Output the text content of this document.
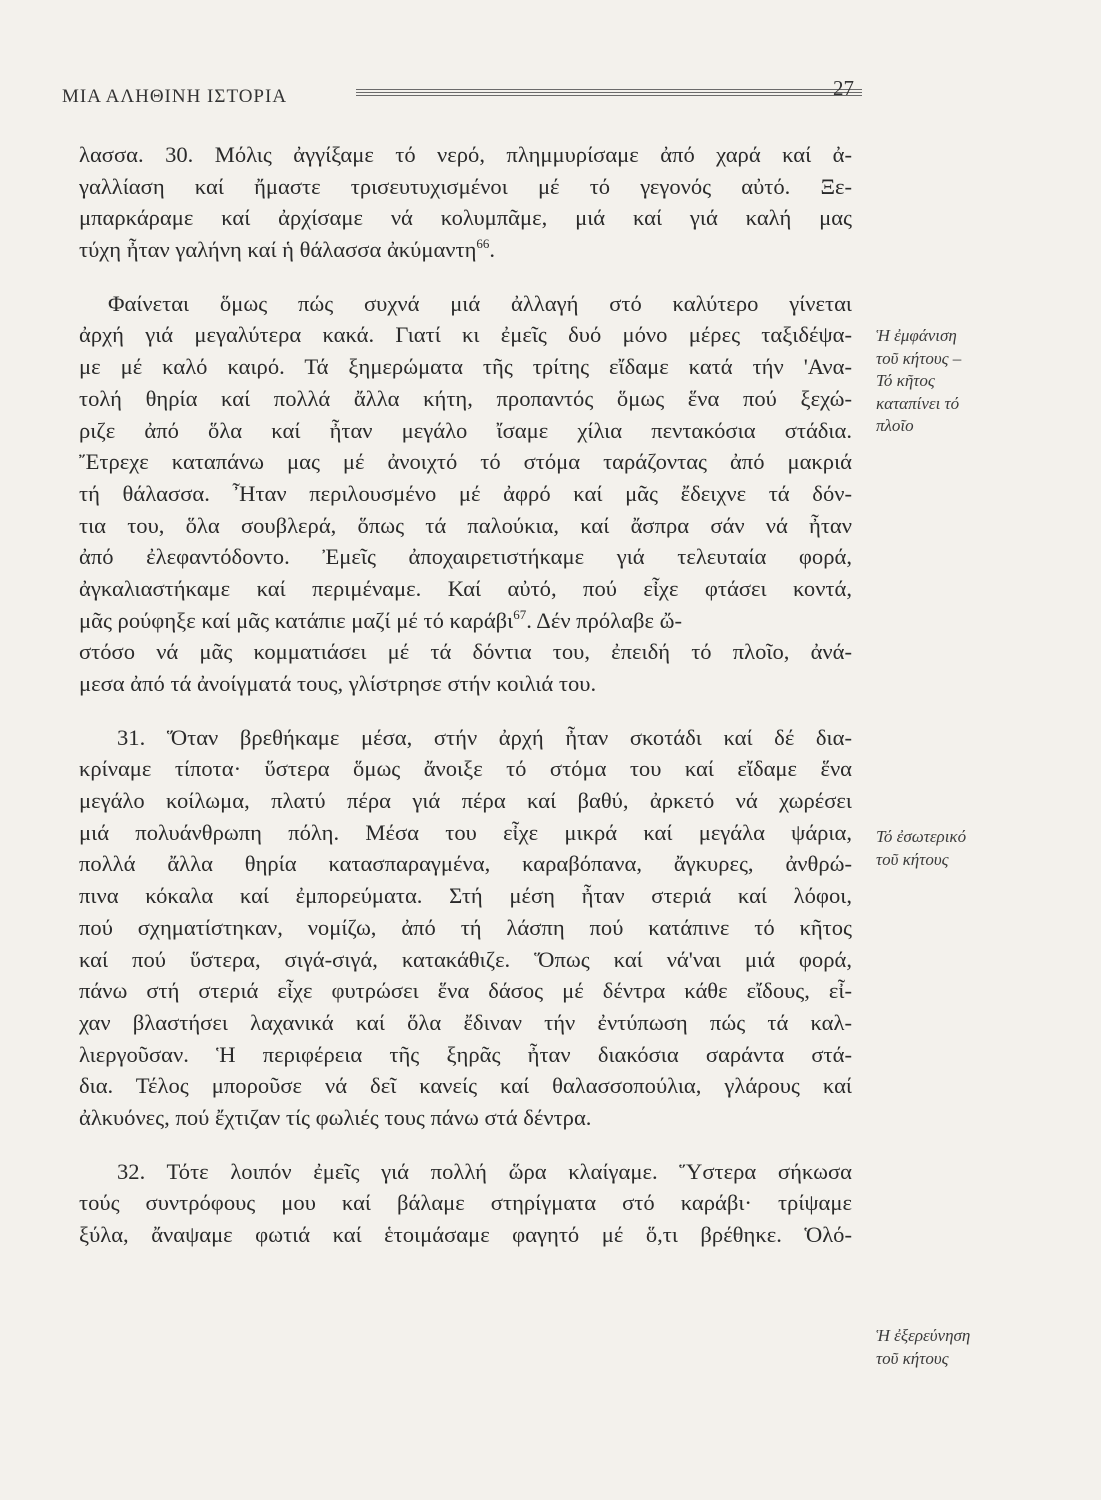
ΜΙΑ ΑΛΗΘΙΝΗ ΙΣΤΟΡΙΑ	27
λασσα. 30. Μόλις ἀγγίξαμε τό νερό, πλημμυρίσαμε ἀπό χαρά καί ἀ-
γαλλίαση καί ἤμαστε τρισευτυχισμένοι μέ τό γεγονός αὐτό. Ξε-
μπαρκάραμε καί ἀρχίσαμε νά κολυμπᾶμε, μιά καί γιά καλή μας
τύχη ἦταν γαλήνη καί ἡ θάλασσα ἀκύμαντη$^{66}$.
Φαίνεται ὅμως πώς συχνά μιά ἀλλαγή στό καλύτερο γίνεται
ἀρχή γιά μεγαλύτερα κακά. Γιατί κι ἐμεῖς δυό μόνο μέρες ταξιδέψα-
με μέ καλό καιρό. Τά ξημερώματα τῆς τρίτης εἴδαμε κατά τήν 'Ανα-
τολή θηρία καί πολλά ἄλλα κήτη, προπαντός ὅμως ἕνα πού ξεχώ-
ριζε ἀπό ὅλα καί ἦταν μεγάλο ἴσαμε χίλια πεντακόσια στάδια.
Ἔτρεχε καταπάνω μας μέ ἀνοιχτό τό στόμα ταράζοντας ἀπό μακριά
τή θάλασσα. Ἦταν περιλουσμένο μέ ἀφρό καί μᾶς ἔδειχνε τά δόν-
τια του, ὅλα σουβλερά, ὅπως τά παλούκια, καί ἄσπρα σάν νά ἦταν
ἀπό ἐλεφαντόδοντο. Ἐμεῖς ἀποχαιρετιστήκαμε γιά τελευταία φορά,
ἀγκαλιαστήκαμε καί περιμέναμε. Καί αὐτό, πού εἶχε φτάσει κοντά,
μᾶς ρούφηξε καί μᾶς κατάπιε μαζί μέ τό καράβι$^{67}$. Δέν πρόλαβε ὤ-
στόσο νά μᾶς κομματιάσει μέ τά δόντια του, ἐπειδή τό πλοῖο, ἀνά-
μεσα ἀπό τά ἀνοίγματά τους, γλίστρησε στήν κοιλιά του.
31. Ὅταν βρεθήκαμε μέσα, στήν ἀρχή ἦταν σκοτάδι καί δέ δια-
κρίναμε τίποτα· ὕστερα ὅμως ἄνοιξε τό στόμα του καί εἴδαμε ἕνα
μεγάλο κοίλωμα, πλατύ πέρα γιά πέρα καί βαθύ, ἀρκετό νά χωρέσει
μιά πολυάνθρωπη πόλη. Μέσα του εἶχε μικρά καί μεγάλα ψάρια,
πολλά ἄλλα θηρία κατασπαραγμένα, καραβόπανα, ἄγκυρες, ἀνθρώ-
πινα κόκαλα καί ἐμπορεύματα. Στή μέση ἦταν στεριά καί λόφοι,
πού σχηματίστηκαν, νομίζω, ἀπό τή λάσπη πού κατάπινε τό κῆτος
καί πού ὕστερα, σιγά-σιγά, κατακάθιζε. Ὅπως καί νά'ναι μιά φορά,
πάνω στή στεριά εἶχε φυτρώσει ἕνα δάσος μέ δέντρα κάθε εἴδους, εἶ-
χαν βλαστήσει λαχανικά καί ὅλα ἔδιναν τήν ἐντύπωση πώς τά καλ-
λιεργοῦσαν. Ἡ περιφέρεια τῆς ξηρᾶς ἦταν διακόσια σαράντα στά-
δια. Τέλος μποροῦσε νά δεῖ κανείς καί θαλασσοπούλια, γλάρους καί
ἀλκυόνες, πού ἔχτιζαν τίς φωλιές τους πάνω στά δέντρα.
32. Τότε λοιπόν ἐμεῖς γιά πολλή ὥρα κλαίγαμε. Ὕστερα σήκωσα
τούς συντρόφους μου καί βάλαμε στηρίγματα στό καράβι· τρίψαμε
ξύλα, ἄναψαμε φωτιά καί ἑτοιμάσαμε φαγητό μέ ὅ,τι βρέθηκε. Ὁλό-
Ἡ ἐμφάνιση
τοῦ κήτους –
Τό κῆτος
καταπίνει τό
πλοῖο
Τό ἐσωτερικό
τοῦ κήτους
Ἡ ἐξερεύνηση
τοῦ κήτους
